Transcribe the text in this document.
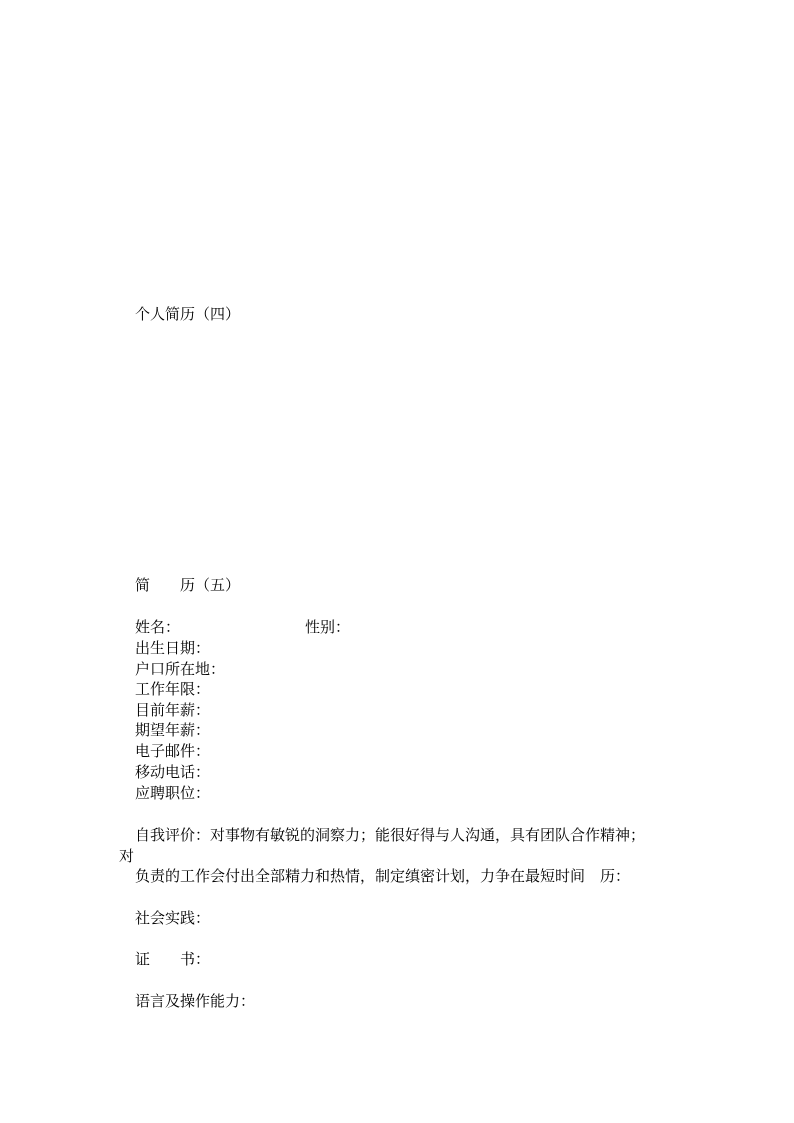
个人简历（四）
简　　历（五）
姓名：	性别：
出生日期：
户口所在地：
工作年限：
目前年薪：
期望年薪：
电子邮件：
移动电话：
应聘职位：
自我评价：对事物有敏锐的洞察力；能很好得与人沟通，具有团队合作精神；
对
负责的工作会付出全部精力和热情，制定缜密计划，力争在最短时间　历：
社会实践：
证　　书：
语言及操作能力：
